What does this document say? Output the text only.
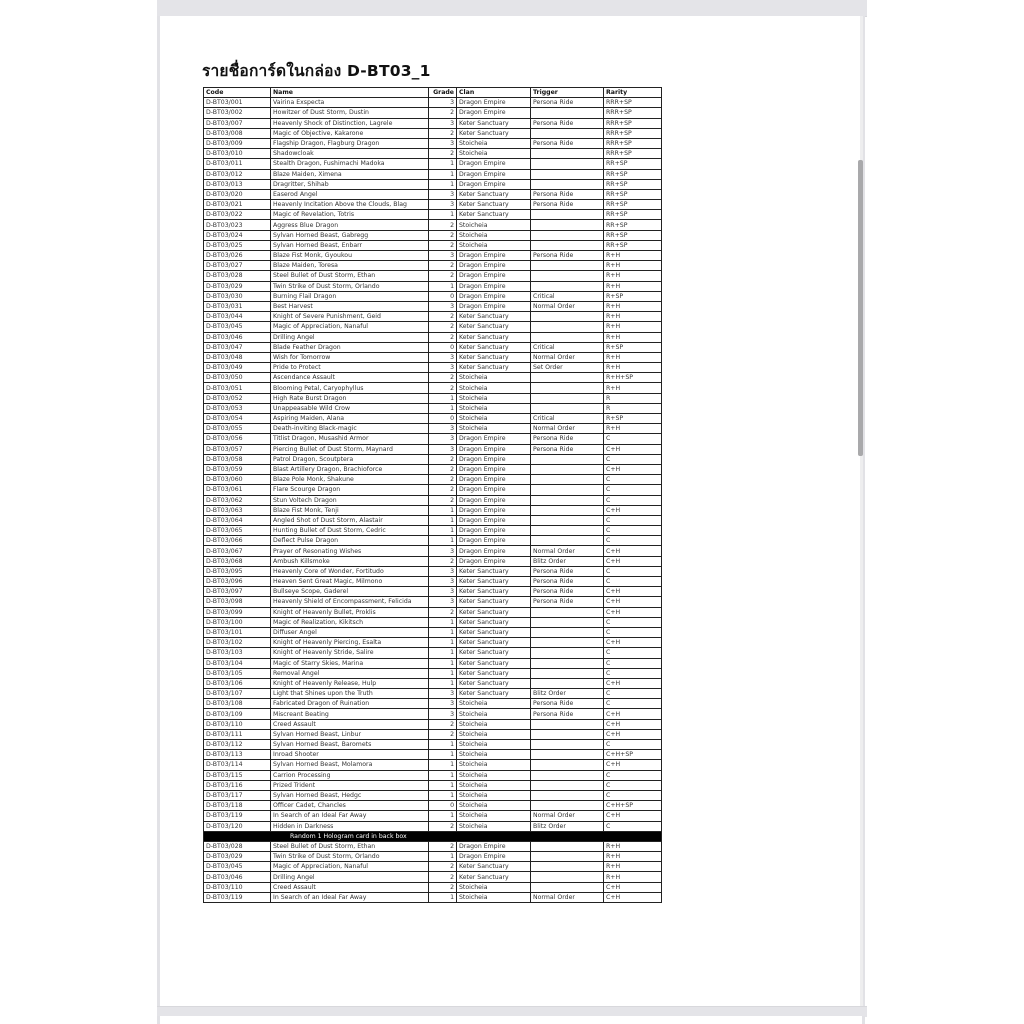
รายชื่อการ์ดในกล่อง D-BT03_1
Code	Name	Grade	Clan	Trigger	Rarity
D-BT03/001	Vairina Exspecta	3	Dragon Empire	Persona Ride	RRR+SP
D-BT03/002	Howitzer of Dust Storm, Dustin	2	Dragon Empire		RRR+SP
D-BT03/007	Heavenly Shock of Distinction, Lagrele	3	Keter Sanctuary	Persona Ride	RRR+SP
D-BT03/008	Magic of Objective, Kakarone	2	Keter Sanctuary		RRR+SP
D-BT03/009	Flagship Dragon, Flagburg Dragon	3	Stoicheia	Persona Ride	RRR+SP
D-BT03/010	Shadowcloak	2	Stoicheia		RRR+SP
D-BT03/011	Stealth Dragon, Fushimachi Madoka	1	Dragon Empire		RR+SP
D-BT03/012	Blaze Maiden, Ximena	1	Dragon Empire		RR+SP
D-BT03/013	Dragritter, Shihab	1	Dragon Empire		RR+SP
D-BT03/020	Easerod Angel	3	Keter Sanctuary	Persona Ride	RR+SP
D-BT03/021	Heavenly Incitation Above the Clouds, Blag	3	Keter Sanctuary	Persona Ride	RR+SP
D-BT03/022	Magic of Revelation, Totris	1	Keter Sanctuary		RR+SP
D-BT03/023	Aggress Blue Dragon	2	Stoicheia		RR+SP
D-BT03/024	Sylvan Horned Beast, Gabregg	2	Stoicheia		RR+SP
D-BT03/025	Sylvan Horned Beast, Enbarr	2	Stoicheia		RR+SP
D-BT03/026	Blaze Fist Monk, Gyoukou	3	Dragon Empire	Persona Ride	R+H
D-BT03/027	Blaze Maiden, Toresa	2	Dragon Empire		R+H
D-BT03/028	Steel Bullet of Dust Storm, Ethan	2	Dragon Empire		R+H
D-BT03/029	Twin Strike of Dust Storm, Orlando	1	Dragon Empire		R+H
D-BT03/030	Burning Flail Dragon	0	Dragon Empire	Critical	R+SP
D-BT03/031	Best Harvest	3	Dragon Empire	Normal Order	R+H
D-BT03/044	Knight of Severe Punishment, Geid	2	Keter Sanctuary		R+H
D-BT03/045	Magic of Appreciation, Nanaful	2	Keter Sanctuary		R+H
D-BT03/046	Drilling Angel	2	Keter Sanctuary		R+H
D-BT03/047	Blade Feather Dragon	0	Keter Sanctuary	Critical	R+SP
D-BT03/048	Wish for Tomorrow	3	Keter Sanctuary	Normal Order	R+H
D-BT03/049	Pride to Protect	3	Keter Sanctuary	Set Order	R+H
D-BT03/050	Ascendance Assault	2	Stoicheia		R+H+SP
D-BT03/051	Blooming Petal, Caryophyllus	2	Stoicheia		R+H
D-BT03/052	High Rate Burst Dragon	1	Stoicheia		R
D-BT03/053	Unappeasable Wild Crow	1	Stoicheia		R
D-BT03/054	Aspiring Maiden, Alana	0	Stoicheia	Critical	R+SP
D-BT03/055	Death-inviting Black-magic	3	Stoicheia	Normal Order	R+H
D-BT03/056	Titlist Dragon, Musashid Armor	3	Dragon Empire	Persona Ride	C
D-BT03/057	Piercing Bullet of Dust Storm, Maynard	3	Dragon Empire	Persona Ride	C+H
D-BT03/058	Patrol Dragon, Scoutptera	2	Dragon Empire		C
D-BT03/059	Blast Artillery Dragon, Brachioforce	2	Dragon Empire		C+H
D-BT03/060	Blaze Pole Monk, Shakune	2	Dragon Empire		C
D-BT03/061	Flare Scourge Dragon	2	Dragon Empire		C
D-BT03/062	Stun Voltech Dragon	2	Dragon Empire		C
D-BT03/063	Blaze Fist Monk, Tenji	1	Dragon Empire		C+H
D-BT03/064	Angled Shot of Dust Storm, Alastair	1	Dragon Empire		C
D-BT03/065	Hunting Bullet of Dust Storm, Cedric	1	Dragon Empire		C
D-BT03/066	Deflect Pulse Dragon	1	Dragon Empire		C
D-BT03/067	Prayer of Resonating Wishes	3	Dragon Empire	Normal Order	C+H
D-BT03/068	Ambush Killsmoke	2	Dragon Empire	Blitz Order	C+H
D-BT03/095	Heavenly Core of Wonder, Fortitudo	3	Keter Sanctuary	Persona Ride	C
D-BT03/096	Heaven Sent Great Magic, Milmono	3	Keter Sanctuary	Persona Ride	C
D-BT03/097	Bullseye Scope, Gaderel	3	Keter Sanctuary	Persona Ride	C+H
D-BT03/098	Heavenly Shield of Encompassment, Felicida	3	Keter Sanctuary	Persona Ride	C+H
D-BT03/099	Knight of Heavenly Bullet, Proklis	2	Keter Sanctuary		C+H
D-BT03/100	Magic of Realization, Kikitsch	1	Keter Sanctuary		C
D-BT03/101	Diffuser Angel	1	Keter Sanctuary		C
D-BT03/102	Knight of Heavenly Piercing, Esalta	1	Keter Sanctuary		C+H
D-BT03/103	Knight of Heavenly Stride, Salire	1	Keter Sanctuary		C
D-BT03/104	Magic of Starry Skies, Marina	1	Keter Sanctuary		C
D-BT03/105	Removal Angel	1	Keter Sanctuary		C
D-BT03/106	Knight of Heavenly Release, Hulp	1	Keter Sanctuary		C+H
D-BT03/107	Light that Shines upon the Truth	3	Keter Sanctuary	Blitz Order	C
D-BT03/108	Fabricated Dragon of Ruination	3	Stoicheia	Persona Ride	C
D-BT03/109	Miscreant Beating	3	Stoicheia	Persona Ride	C+H
D-BT03/110	Creed Assault	2	Stoicheia		C+H
D-BT03/111	Sylvan Horned Beast, Linbur	2	Stoicheia		C+H
D-BT03/112	Sylvan Horned Beast, Baromets	1	Stoicheia		C
D-BT03/113	Inroad Shooter	1	Stoicheia		C+H+SP
D-BT03/114	Sylvan Horned Beast, Molamora	1	Stoicheia		C+H
D-BT03/115	Carrion Processing	1	Stoicheia		C
D-BT03/116	Prized Trident	1	Stoicheia		C
D-BT03/117	Sylvan Horned Beast, Hedgc	1	Stoicheia		C
D-BT03/118	Officer Cadet, Chancles	0	Stoicheia		C+H+SP
D-BT03/119	In Search of an Ideal Far Away	1	Stoicheia	Normal Order	C+H
D-BT03/120	Hidden in Darkness	2	Stoicheia	Blitz Order	C
Random 1 Hologram card in back box					
D-BT03/028	Steel Bullet of Dust Storm, Ethan	2	Dragon Empire		R+H
D-BT03/029	Twin Strike of Dust Storm, Orlando	1	Dragon Empire		R+H
D-BT03/045	Magic of Appreciation, Nanaful	2	Keter Sanctuary		R+H
D-BT03/046	Drilling Angel	2	Keter Sanctuary		R+H
D-BT03/110	Creed Assault	2	Stoicheia		C+H
D-BT03/119	In Search of an Ideal Far Away	1	Stoicheia	Normal Order	C+H
